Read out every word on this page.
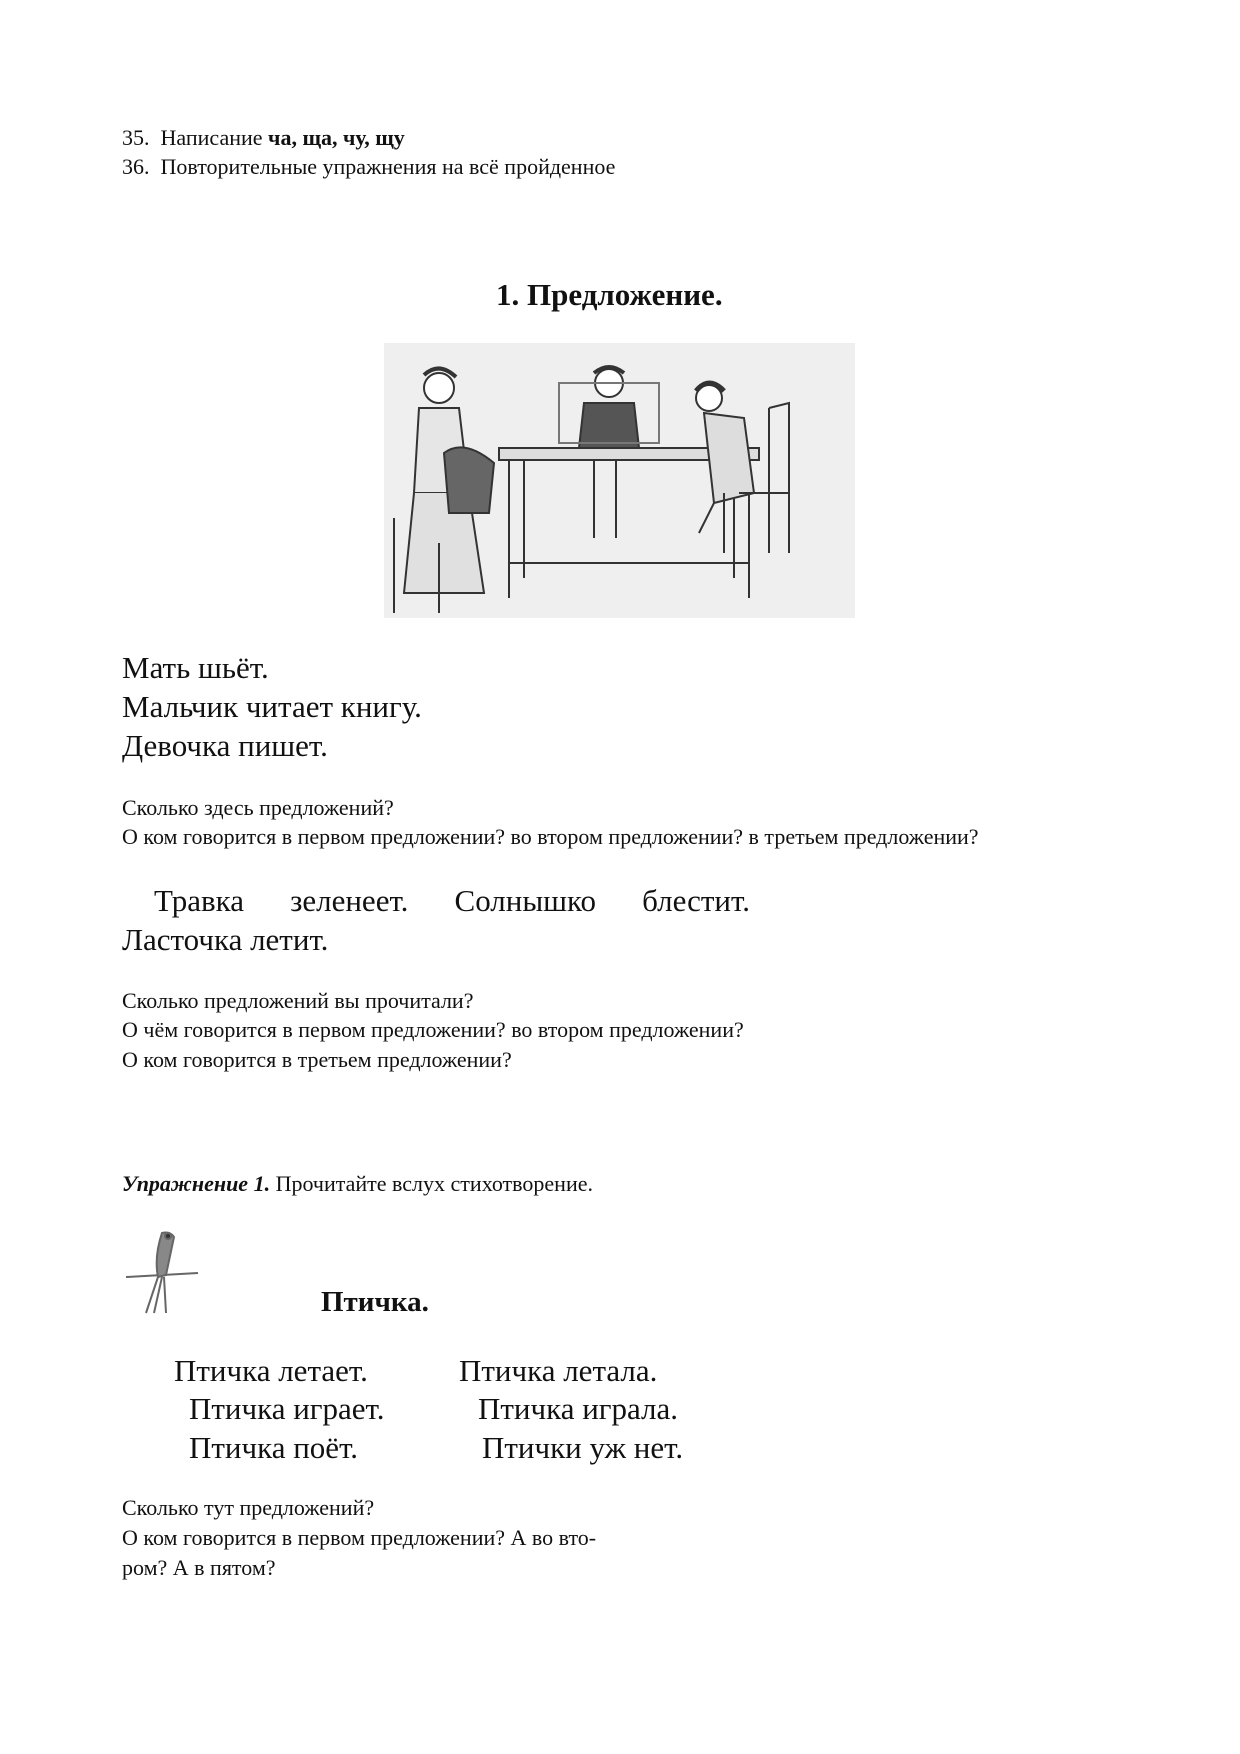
35. Написание ча, ща, чу, щу
36. Повторительные упражнения на всё пройденное
1. Предложение.
Мать шьёт.
Мальчик читает книгу.
Девочка пишет.
Сколько здесь предложений?
О ком говорится в первом предложении? во втором предложении? в третьем предложении?
Травка зеленеет. Солнышко блестит.
Ласточка летит.
Сколько предложений вы прочитали?
О чём говорится в первом предложении? во втором предложении?
О ком говорится в третьем предложении?
Упражнение 1. Прочитайте вслух стихотворение.
Птичка.
Птичка летает.
Птичка играет.
Птичка поёт.
Птичка летала.
Птичка играла.
Птички уж нет.
Сколько тут предложений?
О ком говорится в первом предложении? А во вто-
ром? А в пятом?
